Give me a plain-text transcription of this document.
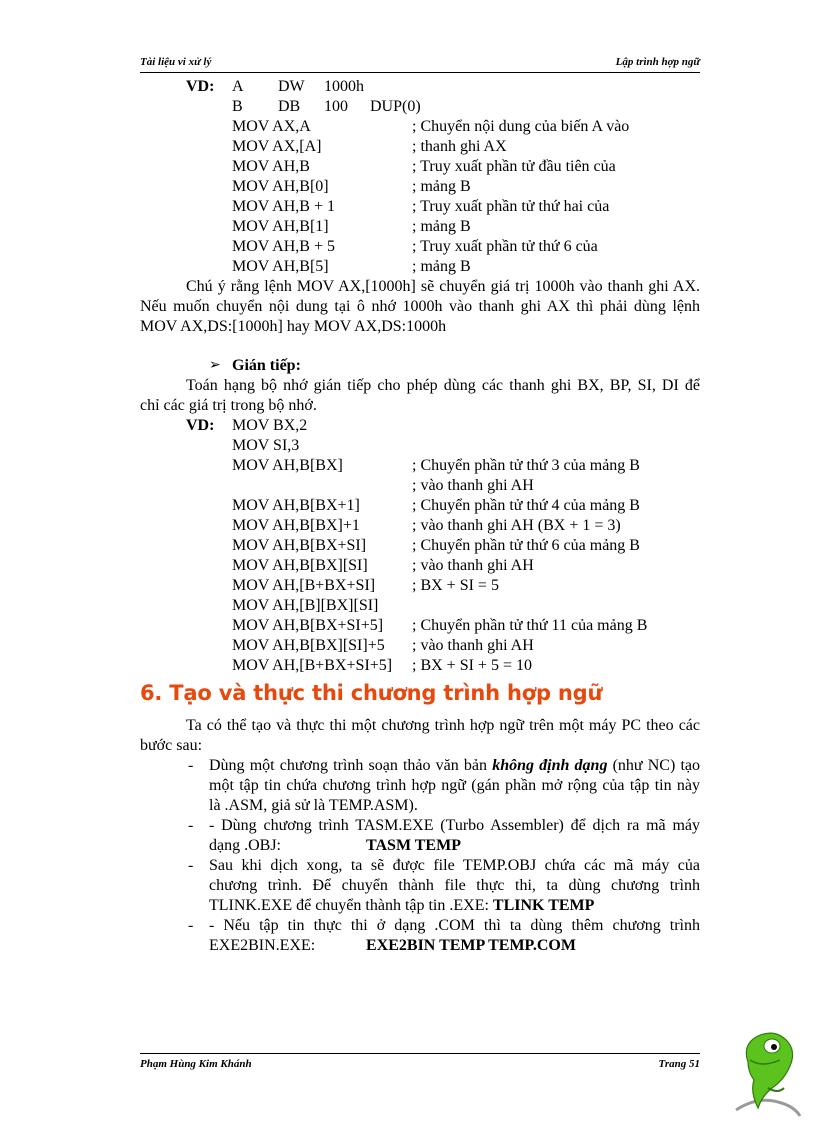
Tài liệu vi xử lý	Lập trình hợp ngữ
VD: A DW 1000h
B DB 100 DUP(0)
MOV AX,A	; Chuyển nội dung của biến A vào
MOV AX,[A]	; thanh ghi AX
MOV AH,B	; Truy xuất phần tử đầu tiên của
MOV AH,B[0]	; mảng B
MOV AH,B + 1	; Truy xuất phần tử thứ hai của
MOV AH,B[1]	; mảng B
MOV AH,B + 5	; Truy xuất phần tử thứ 6 của
MOV AH,B[5]	; mảng B
Chú ý rằng lệnh MOV AX,[1000h] sẽ chuyển giá trị 1000h vào thanh ghi AX.
Nếu muốn chuyển nội dung tại ô nhớ 1000h vào thanh ghi AX thì phải dùng lệnh
MOV AX,DS:[1000h] hay MOV AX,DS:1000h
➢ Gián tiếp:
Toán hạng bộ nhớ gián tiếp cho phép dùng các thanh ghi BX, BP, SI, DI để
chỉ các giá trị trong bộ nhớ.
VD: MOV BX,2
MOV SI,3
MOV AH,B[BX]	; Chuyển phần tử thứ 3 của mảng B
; vào thanh ghi AH
MOV AH,B[BX+1]	; Chuyển phần tử thứ 4 của mảng B
MOV AH,B[BX]+1	; vào thanh ghi AH (BX + 1 = 3)
MOV AH,B[BX+SI]	; Chuyển phần tử thứ 6 của mảng B
MOV AH,B[BX][SI]	; vào thanh ghi AH
MOV AH,[B+BX+SI] ; BX + SI = 5
MOV AH,[B][BX][SI]
MOV AH,B[BX+SI+5] ; Chuyển phần tử thứ 11 của mảng B
MOV AH,B[BX][SI]+5 ; vào thanh ghi AH
MOV AH,[B+BX+SI+5] ; BX + SI + 5 = 10
6. Tạo và thực thi chương trình hợp ngữ
Ta có thể tạo và thực thi một chương trình hợp ngữ trên một máy PC theo các
bước sau:
- Dùng một chương trình soạn thảo văn bản không định dạng (như NC) tạo
một tập tin chứa chương trình hợp ngữ (gán phần mở rộng của tập tin này
là .ASM, giả sử là TEMP.ASM).
- - Dùng chương trình TASM.EXE (Turbo Assembler) để dịch ra mã máy
dạng .OBJ:	TASM TEMP
- Sau khi dịch xong, ta sẽ được file TEMP.OBJ chứa các mã máy của
chương trình. Để chuyển thành file thực thi, ta dùng chương trình
TLINK.EXE để chuyển thành tập tin .EXE: TLINK TEMP
- - Nếu tập tin thực thi ở dạng .COM thì ta dùng thêm chương trình
EXE2BIN.EXE:	EXE2BIN TEMP TEMP.COM
Phạm Hùng Kim Khánh	Trang 51
